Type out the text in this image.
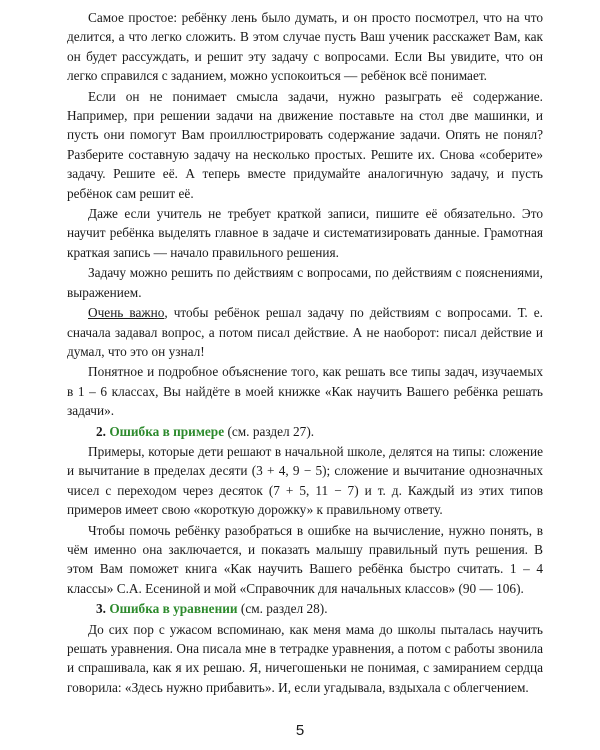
Самое простое: ребёнку лень было думать, и он просто посмотрел, что на что делится, а что легко сложить. В этом случае пусть Ваш ученик расскажет Вам, как он будет рассуждать, и решит эту задачу с вопросами. Если Вы увидите, что он легко справился с заданием, можно успокоиться — ребёнок всё понимает.

Если он не понимает смысла задачи, нужно разыграть её содержание. Например, при решении задачи на движение поставьте на стол две машинки, и пусть они помогут Вам проиллюстрировать содержание задачи. Опять не понял? Разберите составную задачу на несколько простых. Решите их. Снова «соберите» задачу. Решите её. А теперь вместе придумайте аналогичную задачу, и пусть ребёнок сам решит её.

Даже если учитель не требует краткой записи, пишите её обязательно. Это научит ребёнка выделять главное в задаче и систематизировать данные. Грамотная краткая запись — начало правильного решения.

Задачу можно решить по действиям с вопросами, по действиям с пояснениями, выражением.

Очень важно, чтобы ребёнок решал задачу по действиям с вопросами. Т. е. сначала задавал вопрос, а потом писал действие. А не наоборот: писал действие и думал, что это он узнал!

Понятное и подробное объяснение того, как решать все типы задач, изучаемых в 1 – 6 классах, Вы найдёте в моей книжке «Как научить Вашего ребёнка решать задачи».

2. Ошибка в примере (см. раздел 27).

Примеры, которые дети решают в начальной школе, делятся на типы: сложение и вычитание в пределах десяти (3 + 4, 9 − 5); сложение и вычитание однозначных чисел с переходом через десяток (7 + 5, 11 − 7) и т. д. Каждый из этих типов примеров имеет свою «короткую дорожку» к правильному ответу.

Чтобы помочь ребёнку разобраться в ошибке на вычисление, нужно понять, в чём именно она заключается, и показать малышу правильный путь решения. В этом Вам поможет книга «Как научить Вашего ребёнка быстро считать. 1 – 4 классы» С.А. Есениной и мой «Справочник для начальных классов» (90 — 106).

3. Ошибка в уравнении (см. раздел 28).

До сих пор с ужасом вспоминаю, как меня мама до школы пыталась научить решать уравнения. Она писала мне в тетрадке уравнения, а потом с работы звонила и спрашивала, как я их решаю. Я, ничегошеньки не понимая, с замиранием сердца говорила: «Здесь нужно прибавить». И, если угадывала, вздыхала с облегчением.

5
